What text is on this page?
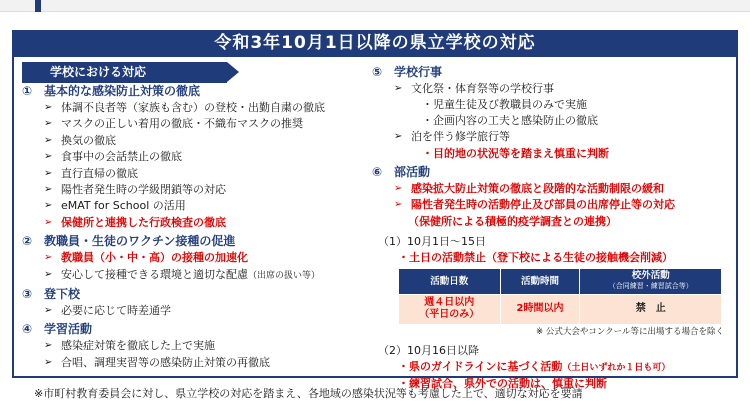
令和3年10月1日以降の県立学校の対応
学校における対応
① 基本的な感染防止対策の徹底
➢ 体調不良者等（家族も含む）の登校・出勤自粛の徹底
➢ マスクの正しい着用の徹底・不織布マスクの推奨
➢ 換気の徹底
➢ 食事中の会話禁止の徹底
➢ 直行直帰の徹底
➢ 陽性者発生時の学級閉鎖等の対応
➢ eMAT for School の活用
➢ 保健所と連携した行政検査の徹底
② 教職員・生徒のワクチン接種の促進
➢ 教職員（小・中・高）の接種の加速化
➢ 安心して接種できる環境と適切な配慮（出席の扱い等）
③ 登下校
➢ 必要に応じて時差通学
④ 学習活動
➢ 感染症対策を徹底した上で実施
➢ 合唱、調理実習等の感染防止対策の再徹底
⑤ 学校行事
➢ 文化祭・体育祭等の学校行事
・児童生徒及び教職員のみで実施
・企画内容の工夫と感染防止の徹底
➢ 泊を伴う修学旅行等
・目的地の状況等を踏まえ慎重に判断
⑥ 部活動
➢ 感染拡大防止対策の徹底と段階的な活動制限の緩和
➢ 陽性者発生時の活動停止及び部員の出席停止等の対応
（保健所による積極的疫学調査との連携）
（1）10月1日～15日
・土日の活動禁止（登下校による生徒の接触機会削減）
活動日数	活動時間	校外活動
（合同練習・練習試合等）

週４日以内
（平日のみ）	2時間以内	禁　止
※ 公式大会やコンクール等に出場する場合を除く
（2）10月16日以降
・県のガイドラインに基づく活動（土日いずれか１日も可）
・練習試合、県外での活動は、慎重に判断
※市町村教育委員会に対し、県立学校の対応を踏まえ、各地域の感染状況等も考慮した上で、適切な対応を要請
